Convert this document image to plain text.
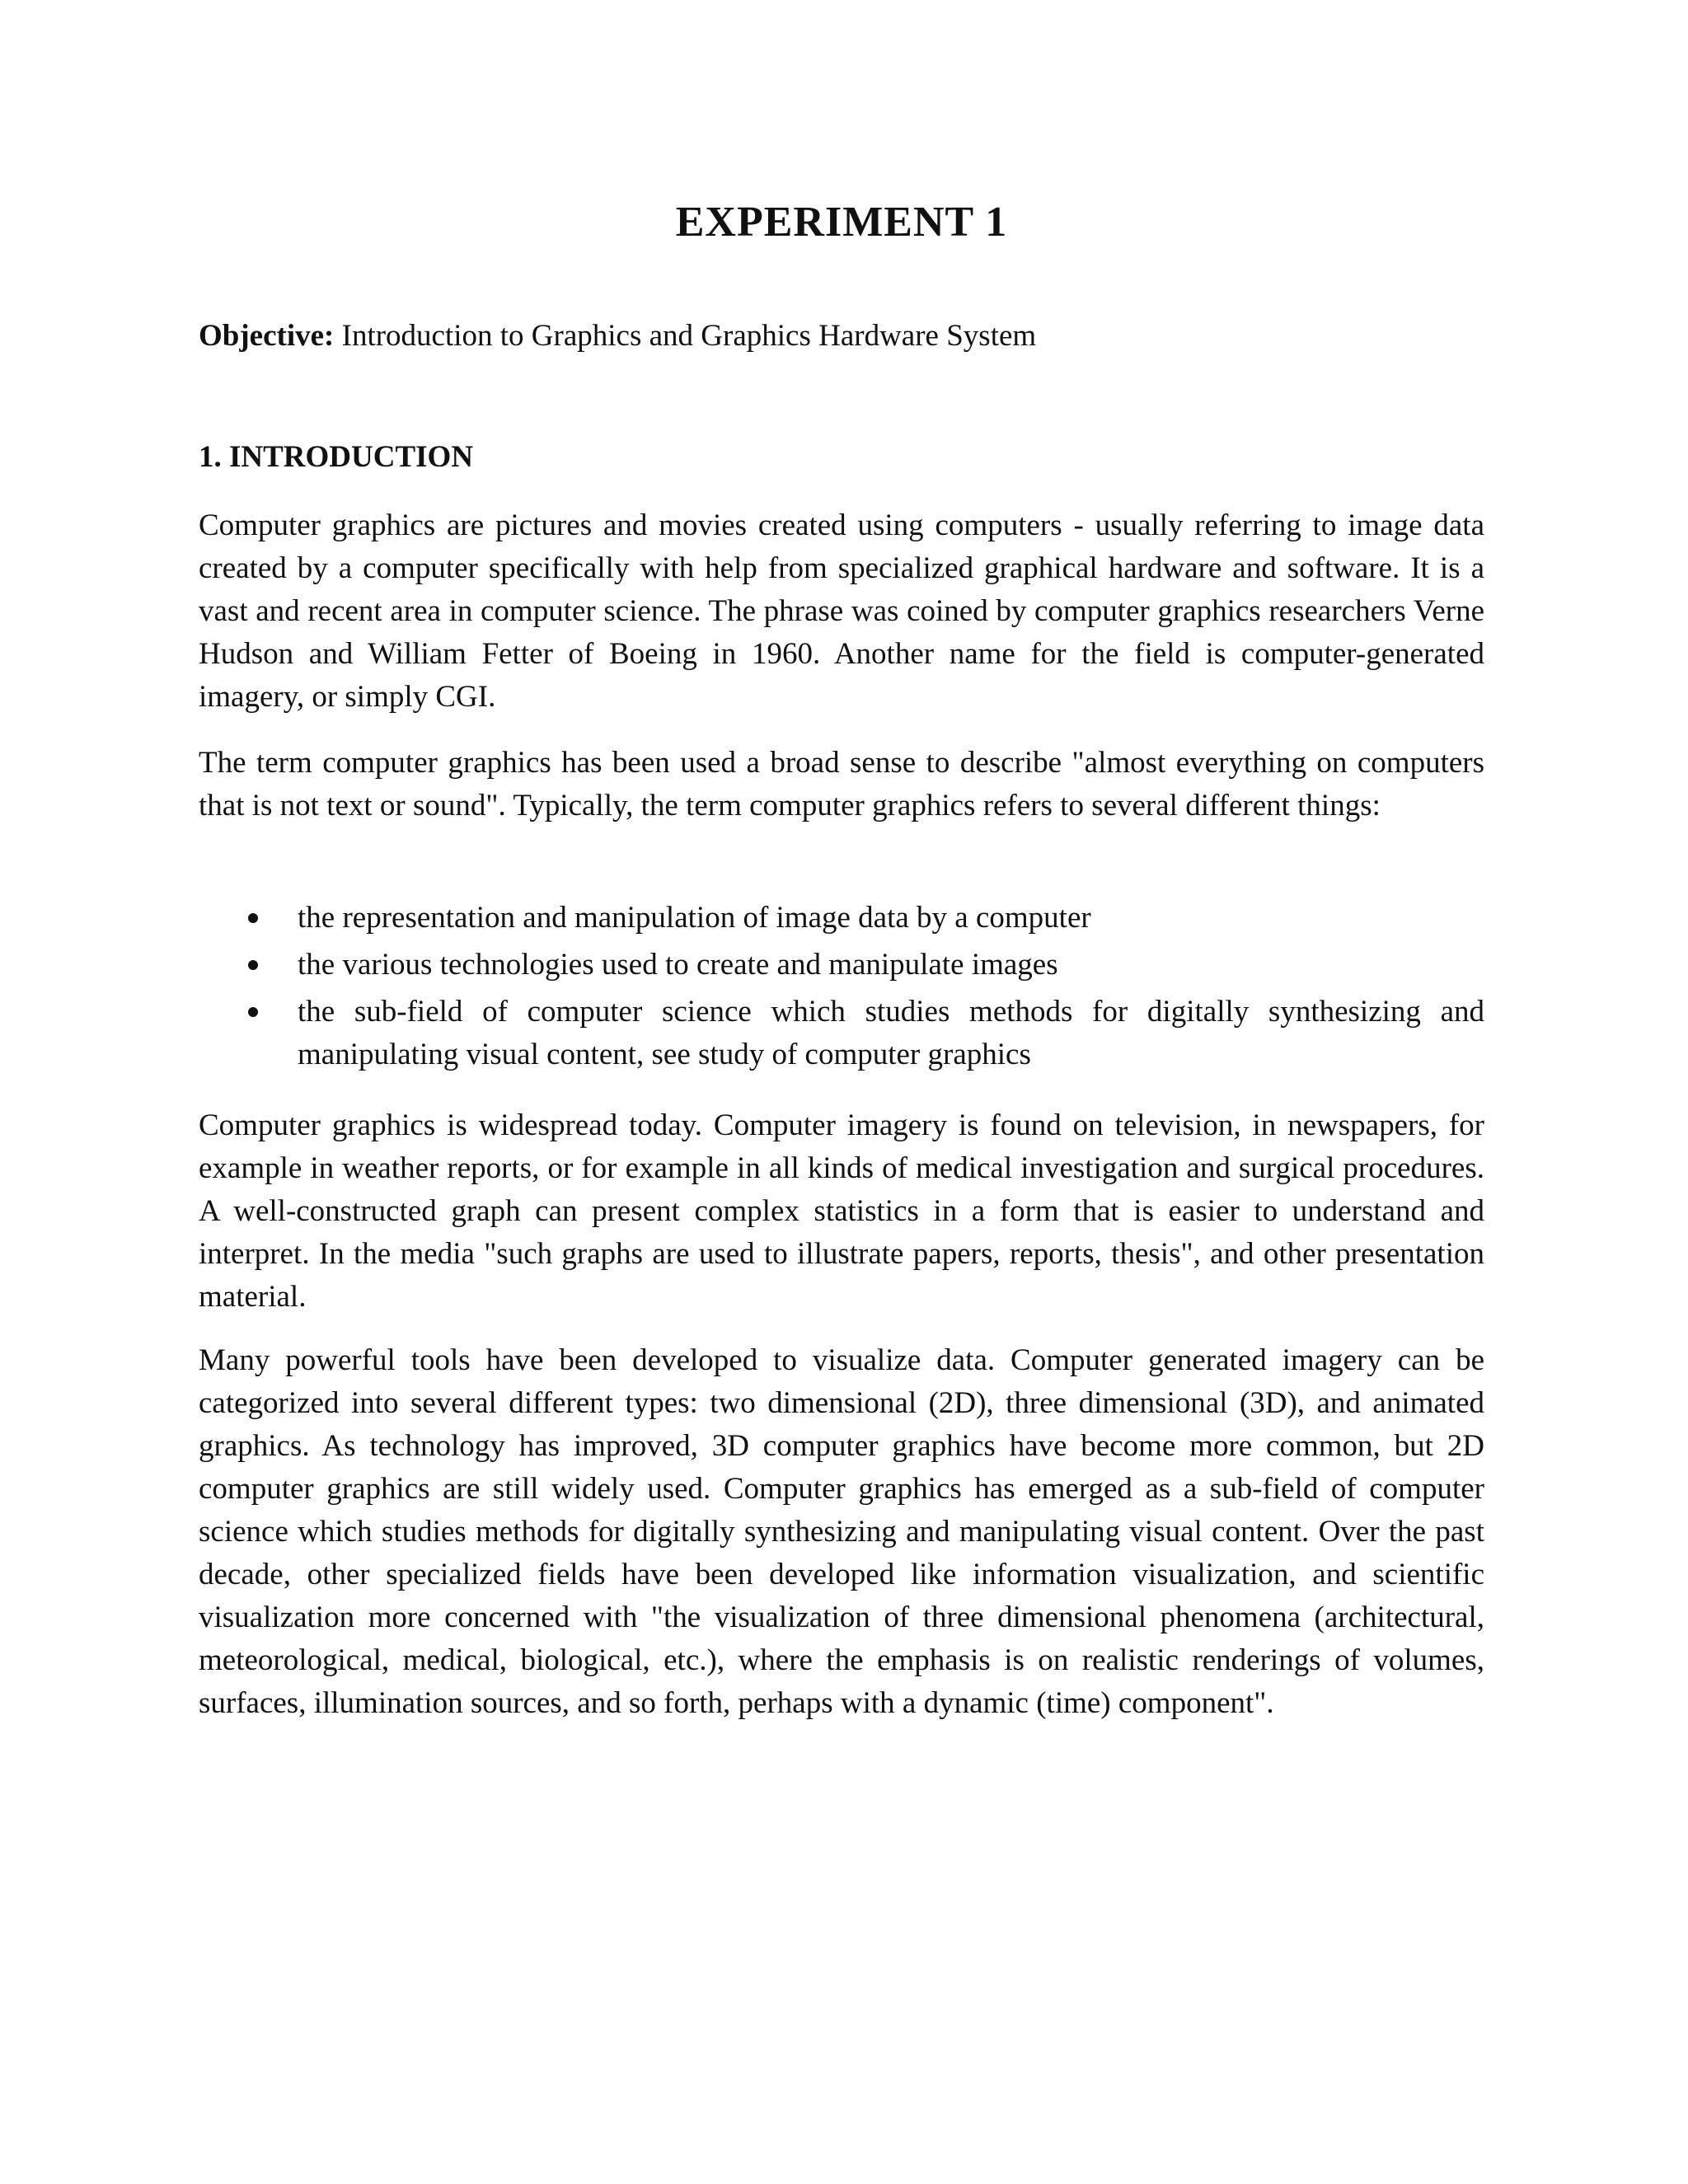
EXPERIMENT 1

Objective: Introduction to Graphics and Graphics Hardware System

1. INTRODUCTION

Computer graphics are pictures and movies created using computers - usually referring to image data created by a computer specifically with help from specialized graphical hardware and software. It is a vast and recent area in computer science. The phrase was coined by computer graphics researchers Verne Hudson and William Fetter of Boeing in 1960. Another name for the field is computer-generated imagery, or simply CGI.

The term computer graphics has been used a broad sense to describe "almost everything on computers that is not text or sound". Typically, the term computer graphics refers to several different things:

the representation and manipulation of image data by a computer
the various technologies used to create and manipulate images
the sub-field of computer science which studies methods for digitally synthesizing and manipulating visual content, see study of computer graphics

Computer graphics is widespread today. Computer imagery is found on television, in newspapers, for example in weather reports, or for example in all kinds of medical investigation and surgical procedures. A well-constructed graph can present complex statistics in a form that is easier to understand and interpret. In the media "such graphs are used to illustrate papers, reports, thesis", and other presentation material.

Many powerful tools have been developed to visualize data. Computer generated imagery can be categorized into several different types: two dimensional (2D), three dimensional (3D), and animated graphics. As technology has improved, 3D computer graphics have become more common, but 2D computer graphics are still widely used. Computer graphics has emerged as a sub-field of computer science which studies methods for digitally synthesizing and manipulating visual content. Over the past decade, other specialized fields have been developed like information visualization, and scientific visualization more concerned with "the visualization of three dimensional phenomena (architectural, meteorological, medical, biological, etc.), where the emphasis is on realistic renderings of volumes, surfaces, illumination sources, and so forth, perhaps with a dynamic (time) component".
